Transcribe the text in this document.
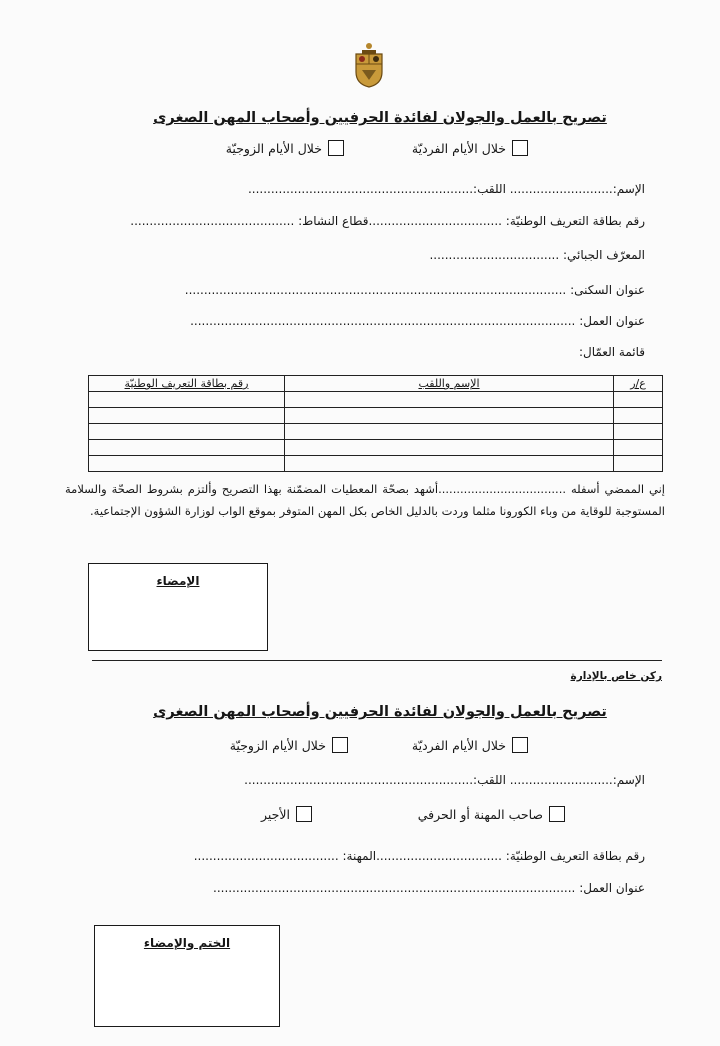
تصريح بالعمل والجولان لفائدة الحرفيين وأصحاب المهن الصغرى
خلال الأيام الفرديّة
خلال الأيام الزوجيّة
الإسم:........................... اللقب:...........................................................
رقم بطاقة التعريف الوطنيّة: ...................................قطاع النشاط: ...........................................
المعرّف الجبائي: ..................................
عنوان السكنى: ....................................................................................................
عنوان العمل: .....................................................................................................
قائمة العمّال:
ع/ر	الإسم واللقب	رقم بطاقة التعريف الوطنيّة

إني الممضي أسفله ...................................أشهد بصحّة المعطيات المضمّنة بهذا التصريح وألتزم بشروط الصحّة والسلامة المستوجبة للوقاية من وباء الكورونا مثلما وردت بالدليل الخاص بكل المهن المتوفر بموقع الواب لوزارة الشؤون الإجتماعية.
الإمضاء
ركن خاص بالإدارة
تصريح بالعمل والجولان لفائدة الحرفيين وأصحاب المهن الصغرى
خلال الأيام الفرديّة
خلال الأيام الزوجيّة
الإسم:........................... اللقب:............................................................
صاحب المهنة أو الحرفي
الأجير
رقم بطاقة التعريف الوطنيّة: .................................المهنة: ......................................
عنوان العمل: ...............................................................................................
الختم والإمضاء
